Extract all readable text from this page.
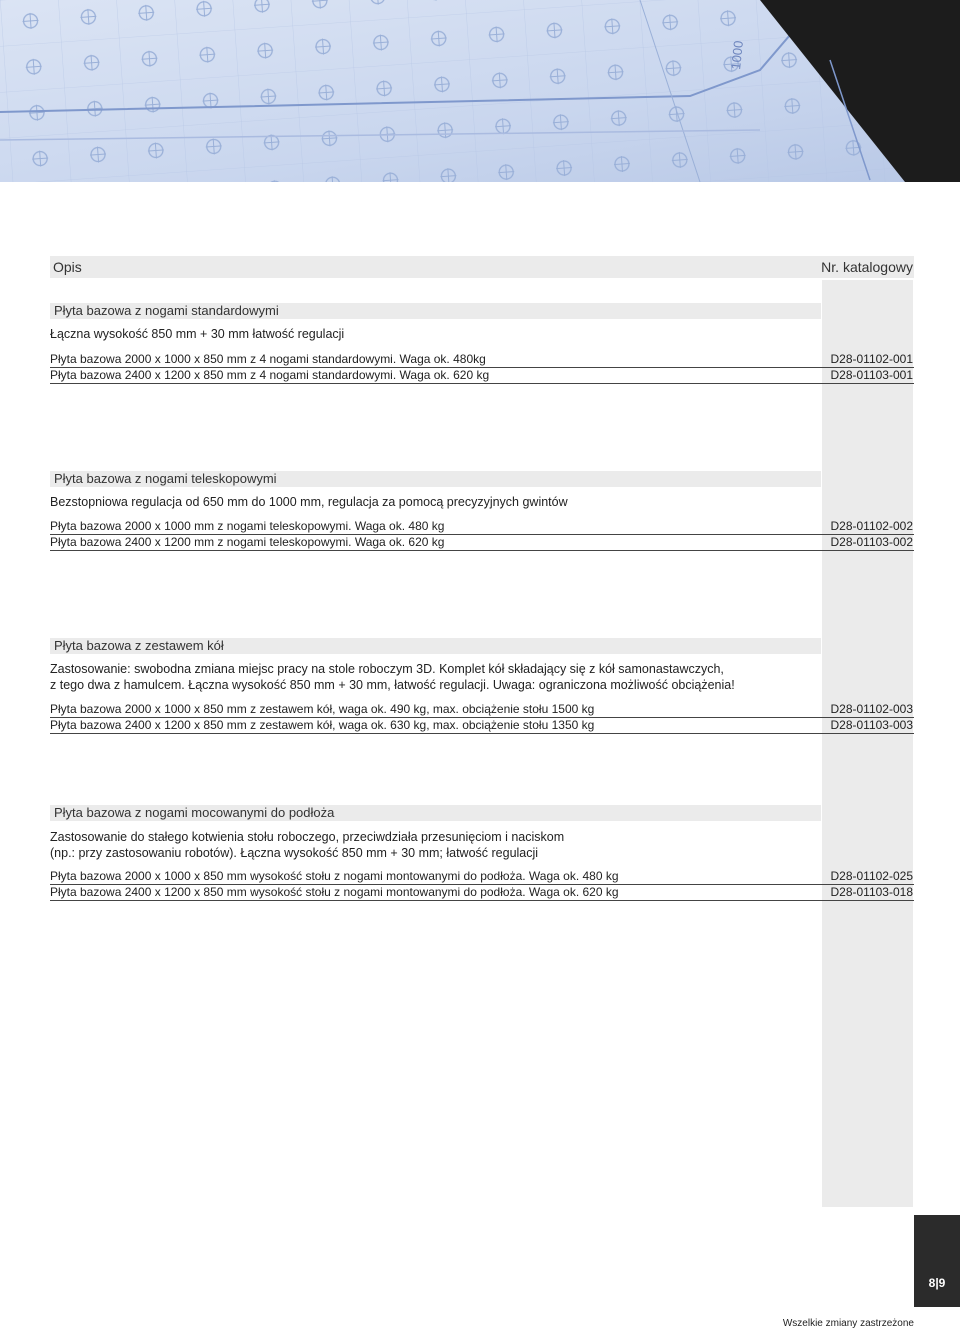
1000
Opis	Nr. katalogowy
Płyta bazowa z nogami standardowymi
Łączna wysokość 850 mm + 30 mm łatwość regulacji
Płyta bazowa 2000 x 1000 x 850 mm z 4 nogami standardowymi. Waga ok. 480kg	D28-01102-001
Płyta bazowa 2400 x 1200 x 850 mm z 4 nogami standardowymi. Waga ok. 620 kg	D28-01103-001
Płyta bazowa z nogami teleskopowymi
Bezstopniowa regulacja od 650 mm do 1000 mm, regulacja za pomocą precyzyjnych gwintów
Płyta bazowa 2000 x 1000 mm z nogami teleskopowymi. Waga ok. 480 kg	D28-01102-002
Płyta bazowa 2400 x 1200 mm z nogami teleskopowymi. Waga ok. 620 kg	D28-01103-002
Płyta bazowa z zestawem kół
Zastosowanie: swobodna zmiana miejsc pracy na stole roboczym 3D. Komplet kół składający się z kół samonastawczych,
z tego dwa z hamulcem. Łączna wysokość 850 mm + 30 mm, łatwość regulacji. Uwaga: ograniczona możliwość obciążenia!
Płyta bazowa 2000 x 1000 x 850 mm z zestawem kół, waga ok. 490 kg, max. obciążenie stołu 1500 kg	D28-01102-003
Płyta bazowa 2400 x 1200 x 850 mm z zestawem kół, waga ok. 630 kg, max. obciążenie stołu 1350 kg	D28-01103-003
Płyta bazowa z nogami mocowanymi do podłoża
Zastosowanie do stałego kotwienia stołu roboczego, przeciwdziała przesunięciom i naciskom
(np.: przy zastosowaniu robotów). Łączna wysokość 850 mm + 30 mm; łatwość regulacji
Płyta bazowa 2000 x 1000 x 850 mm wysokość stołu z nogami montowanymi do podłoża. Waga ok. 480 kg	D28-01102-025
Płyta bazowa 2400 x 1200 x 850 mm wysokość stołu z nogami montowanymi do podłoża. Waga ok. 620 kg	D28-01103-018
8|9
Wszelkie zmiany zastrzeżone
